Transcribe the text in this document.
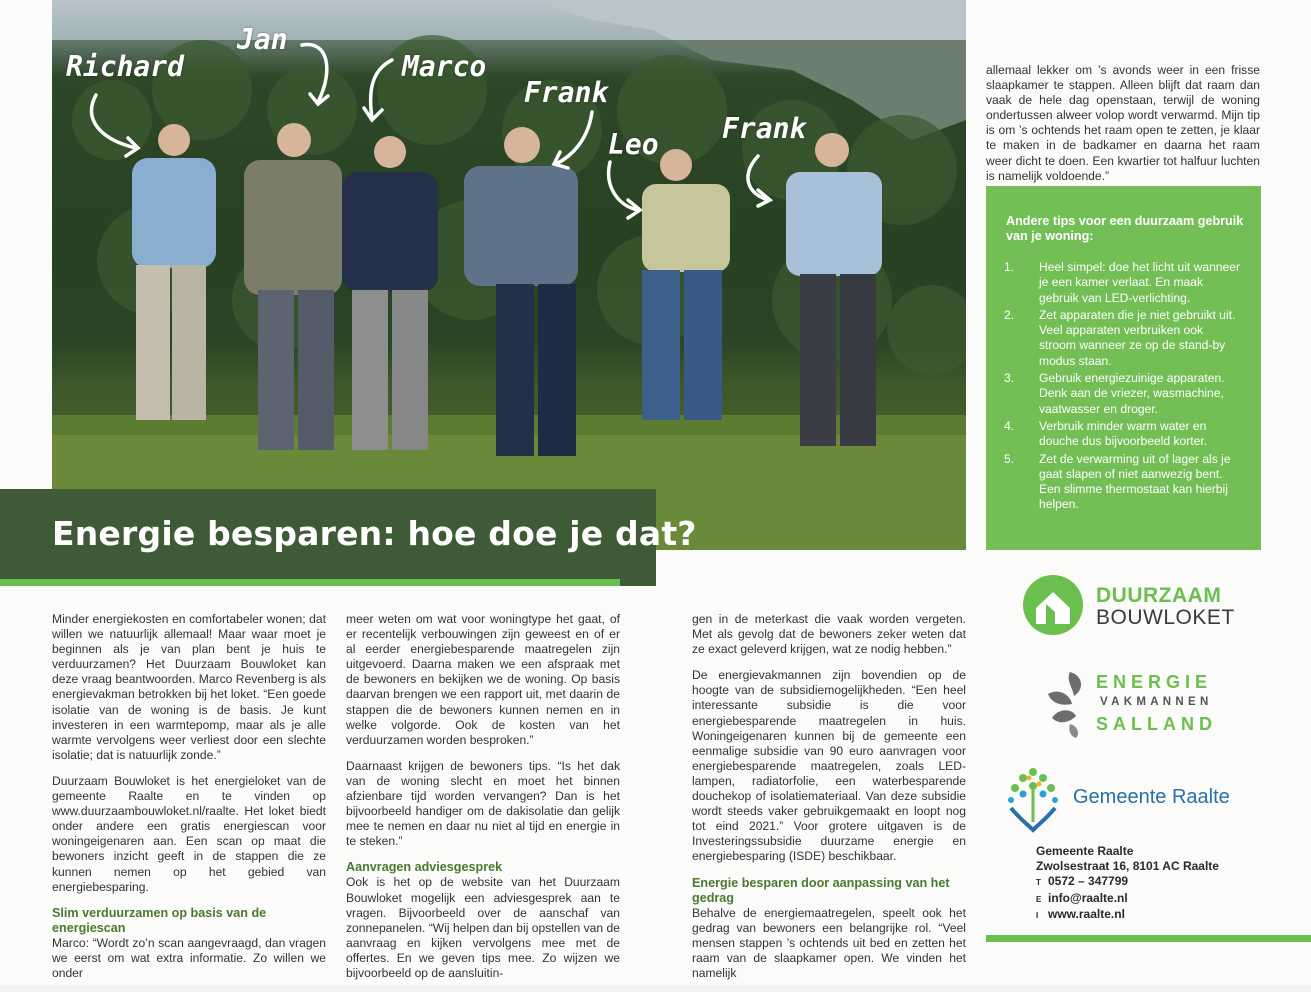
Richard
Jan
Marco
Frank
Leo Frank
Energie besparen: hoe doe je dat?

allemaal lekker om ’s avonds weer in een frisse slaapkamer te stappen. Alleen blijft dat raam dan vaak de hele dag openstaan, terwijl de woning ondertussen alweer volop wordt verwarmd. Mijn tip is om ’s ochtends het raam open te zetten, je klaar te maken in de badkamer en daarna het raam weer dicht te doen. Een kwartier tot halfuur luchten is namelijk voldoende.”

Andere tips voor een duurzaam gebruik van je woning:
1. Heel simpel: doe het licht uit wanneer je een kamer verlaat. En maak gebruik van LED-verlichting.
2. Zet apparaten die je niet gebruikt uit. Veel apparaten verbruiken ook stroom wanneer ze op de stand-by modus staan.
3. Gebruik energiezuinige apparaten. Denk aan de vriezer, wasmachine, vaatwasser en droger.
4. Verbruik minder warm water en douche dus bijvoorbeeld korter.
5. Zet de verwarming uit of lager als je gaat slapen of niet aanwezig bent. Een slimme thermostaat kan hierbij helpen.

Minder energiekosten en comfortabeler wonen; dat willen we natuurlijk allemaal! Maar waar moet je beginnen als je van plan bent je huis te verduurzamen? Het Duurzaam Bouwloket kan deze vraag beantwoorden. Marco Revenberg is als energievakman betrokken bij het loket. “Een goede isolatie van de woning is de basis. Je kunt investeren in een warmtepomp, maar als je alle warmte vervolgens weer verliest door een slechte isolatie; dat is natuurlijk zonde.”

Duurzaam Bouwloket is het energieloket van de gemeente Raalte en te vinden op www.duurzaambouwloket.nl/raalte. Het loket biedt onder andere een gratis energiescan voor woningeigenaren aan. Een scan op maat die bewoners inzicht geeft in de stappen die ze kunnen nemen op het gebied van energiebesparing.

Slim verduurzamen op basis van de energiescan

Marco: “Wordt zo’n scan aangevraagd, dan vragen we eerst om wat extra informatie. Zo willen we onder

meer weten om wat voor woningtype het gaat, of er recentelijk verbouwingen zijn geweest en of er al eerder energiebesparende maatregelen zijn uitgevoerd. Daarna maken we een afspraak met de bewoners en bekijken we de woning. Op basis daarvan brengen we een rapport uit, met daarin de stappen die de bewoners kunnen nemen en in welke volgorde. Ook de kosten van het verduurzamen worden besproken.”

Daarnaast krijgen de bewoners tips. “Is het dak van de woning slecht en moet het binnen afzienbare tijd worden vervangen? Dan is het bijvoorbeeld handiger om de dakisolatie dan gelijk mee te nemen en daar nu niet al tijd en energie in te steken.”

Aanvragen adviesgesprek

Ook is het op de website van het Duurzaam Bouwloket mogelijk een adviesgesprek aan te vragen. Bijvoorbeeld over de aanschaf van zonnepanelen. “Wij helpen dan bij opstellen van de aanvraag en kijken vervolgens mee met de offertes. En we geven tips mee. Zo wijzen we bijvoorbeeld op de aansluitin-

gen in de meterkast die vaak worden vergeten. Met als gevolg dat de bewoners zeker weten dat ze exact geleverd krijgen, wat ze nodig hebben.”

De energievakmannen zijn bovendien op de hoogte van de subsidiemogelijkheden. “Een heel interessante subsidie is die voor energiebesparende maatregelen in huis. Woningeigenaren kunnen bij de gemeente een eenmalige subsidie van 90 euro aanvragen voor energiebesparende maatregelen, zoals LED-lampen, radiatorfolie, een waterbesparende douchekop of isolatiemateriaal. Van deze subsidie wordt steeds vaker gebruikgemaakt en loopt nog tot eind 2021.” Voor grotere uitgaven is de Investeringssubsidie duurzame energie en energiebesparing (ISDE) beschikbaar.

Energie besparen door aanpassing van het gedrag

Behalve de energiemaatregelen, speelt ook het gedrag van bewoners een belangrijke rol. “Veel mensen stappen ’s ochtends uit bed en zetten het raam van de slaapkamer open. We vinden het namelijk

DUURZAAM
BOUWLOKET
ENERGIE
VAKMANNEN
SALLAND
Gemeente Raalte
Gemeente Raalte
Zwolsestraat 16, 8101 AC Raalte
T 0572 – 347799
E info@raalte.nl
I www.raalte.nl
